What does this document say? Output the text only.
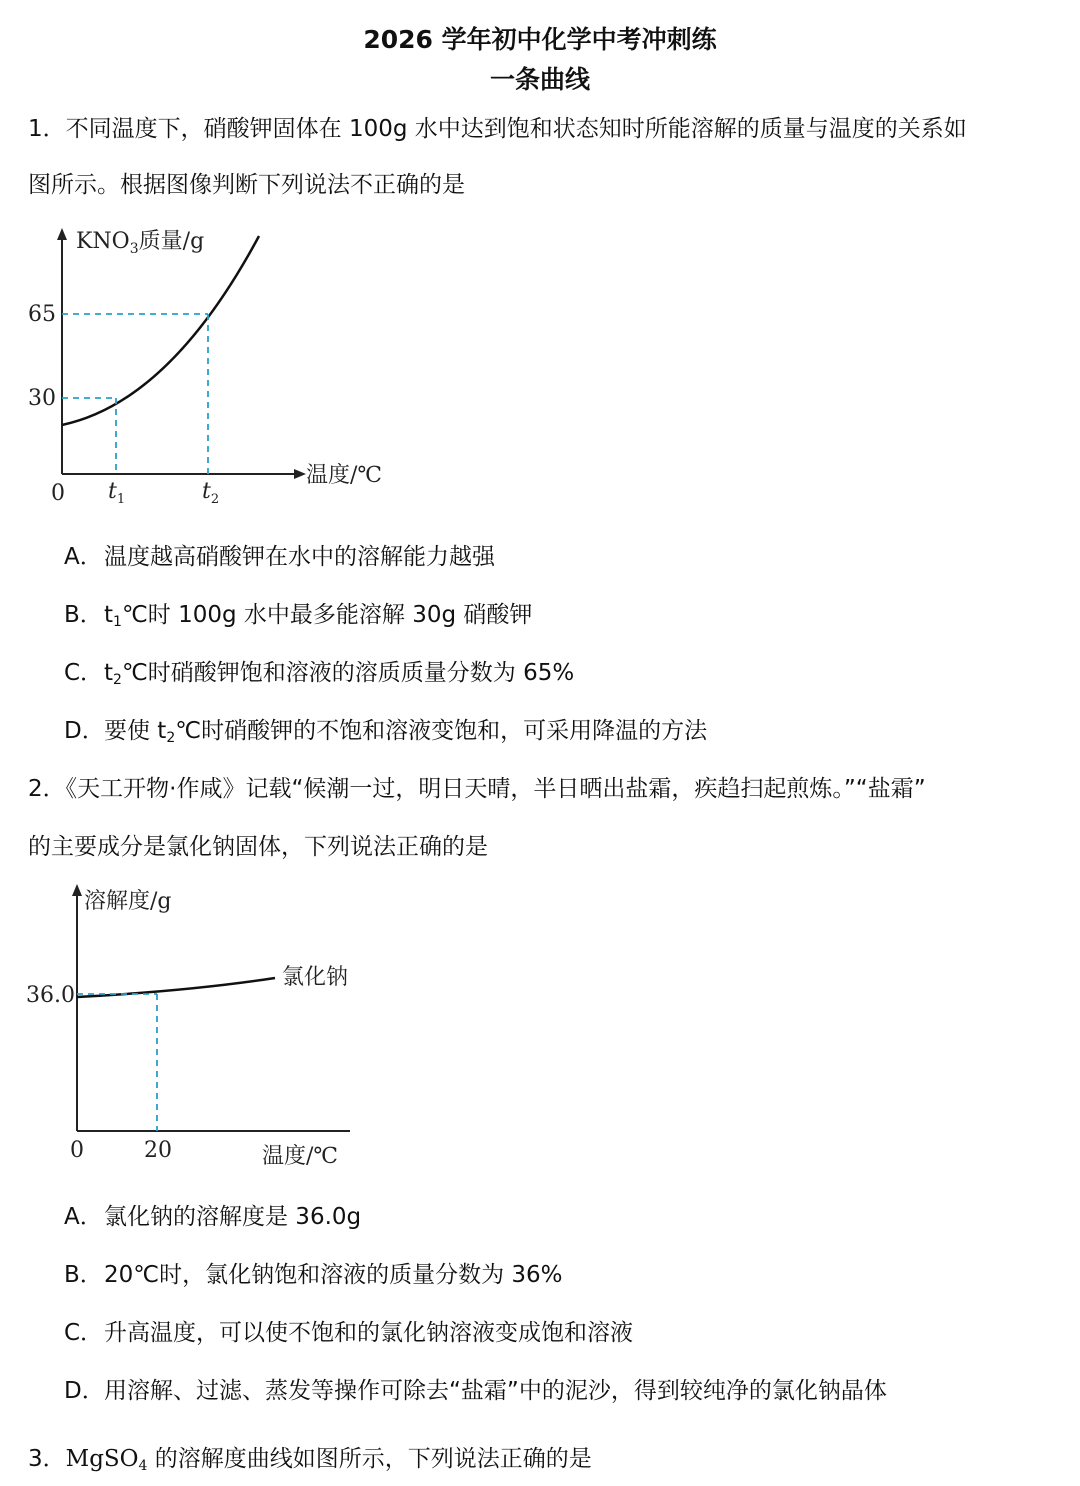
2026 学年初中化学中考冲刺练
一条曲线
1．不同温度下，硝酸钾固体在 100g 水中达到饱和状态知时所能溶解的质量与温度的关系如
图所示。根据图像判断下列说法不正确的是
$KNO_3$质量/g
65
30
0 $t_1$	$t_2$
温度/℃
A．温度越高硝酸钾在水中的溶解能力越强
B．$t_1℃$时 100g 水中最多能溶解 30g 硝酸钾
C．$t_2℃$时硝酸钾饱和溶液的溶质质量分数为 65%
D．要使 $t_2℃$时硝酸钾的不饱和溶液变饱和，可采用降温的方法
2．《天工开物·作咸》记载“候潮一过，明日天晴，半日晒出盐霜，疾趋扫起煎炼。”“盐霜”
的主要成分是氯化钠固体，下列说法正确的是
溶解度/g
氯化钠
36.0
0	20	温度/℃
A．氯化钠的溶解度是 36.0g
B．20℃时，氯化钠饱和溶液的质量分数为 36%
C．升高温度，可以使不饱和的氯化钠溶液变成饱和溶液
D．用溶解、过滤、蒸发等操作可除去“盐霜”中的泥沙，得到较纯净的氯化钠晶体
3．MgSO$_4$ 的溶解度曲线如图所示，下列说法正确的是
